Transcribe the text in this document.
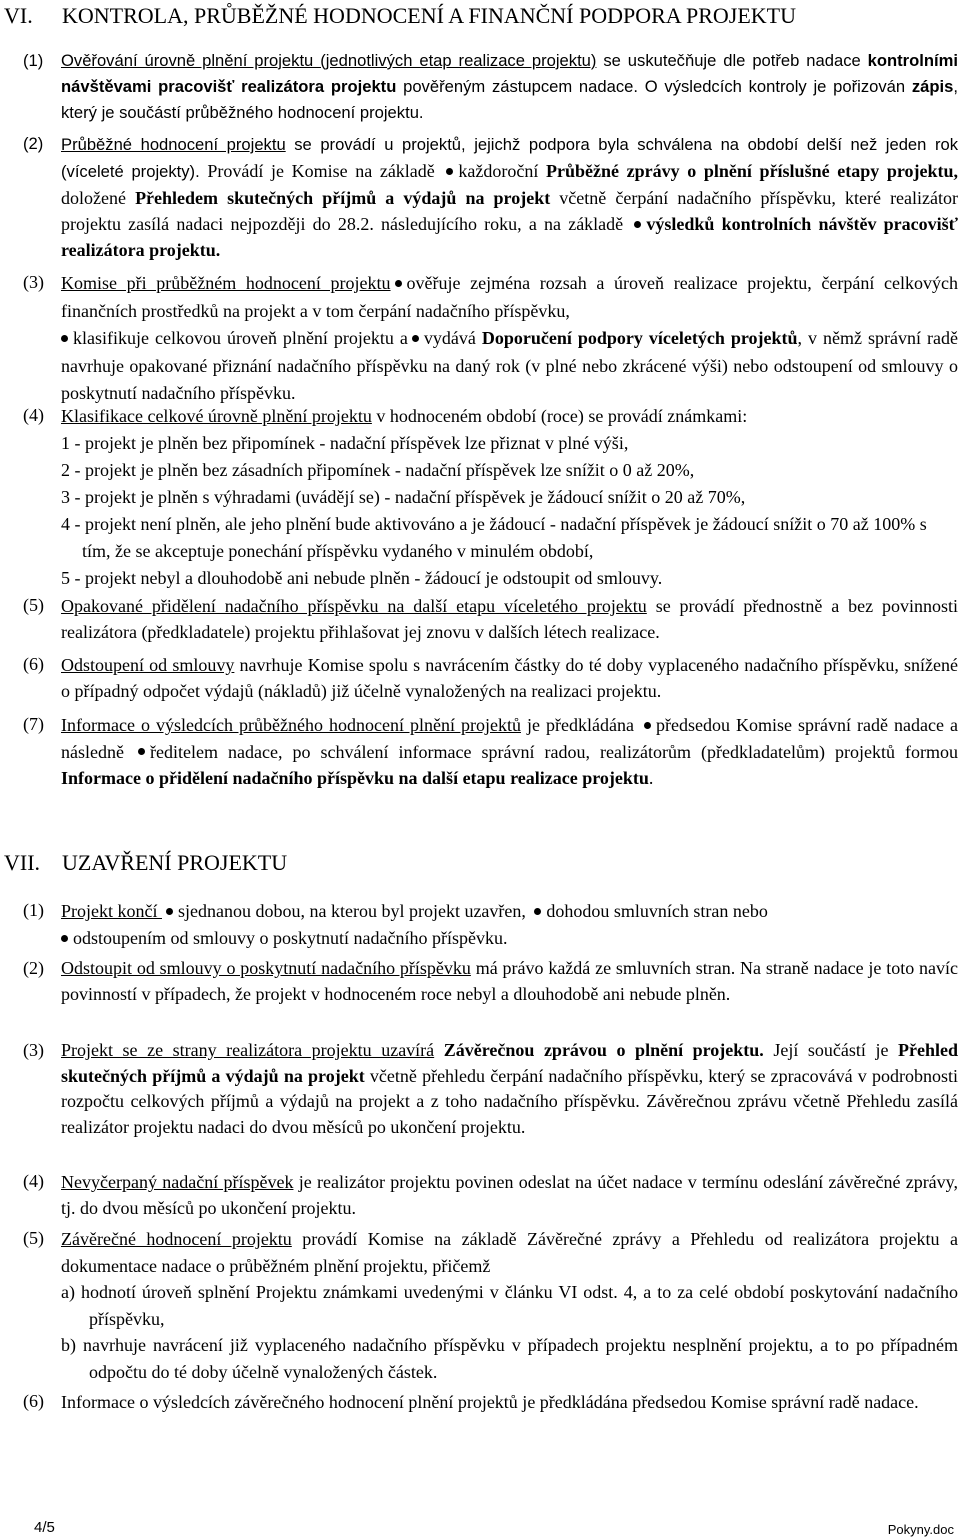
VI. KONTROLA, PRŮBĚŽNÉ HODNOCENÍ A FINANČNÍ PODPORA PROJEKTU
(1) Ověřování úrovně plnění projektu (jednotlivých etap realizace projektu) se uskutečňuje dle potřeb nadace kontrolními návštěvami pracovišť realizátora projektu pověřeným zástupcem nadace. O výsledcích kontroly je pořizován zápis, který je součástí průběžného hodnocení projektu.
(2) Průběžné hodnocení projektu se provádí u projektů, jejichž podpora byla schválena na období delší než jeden rok (víceleté projekty). Provádí je Komise na základě každoroční Průběžné zprávy o plnění příslušné etapy projektu, doložené Přehledem skutečných příjmů a výdajů na projekt včetně čerpání nadačního příspěvku, které realizátor projektu zasílá nadaci nejpozději do 28.2. následujícího roku, a na základě výsledků kontrolních návštěv pracovišť realizátora projektu.
(3) Komise při průběžném hodnocení projektu ověřuje zejména rozsah a úroveň realizace projektu, čerpání celkových finančních prostředků na projekt a v tom čerpání nadačního příspěvku,
klasifikuje celkovou úroveň plnění projektu a vydává Doporučení podpory víceletých projektů, v němž správní radě navrhuje opakované přiznání nadačního příspěvku na daný rok (v plné nebo zkrácené výši) nebo odstoupení od smlouvy o poskytnutí nadačního příspěvku.
(4) Klasifikace celkové úrovně plnění projektu v hodnoceném období (roce) se provádí známkami:
1 - projekt je plněn bez připomínek - nadační příspěvek lze přiznat v plné výši,
2 - projekt je plněn bez zásadních připomínek - nadační příspěvek lze snížit o 0 až 20%,
3 - projekt je plněn s výhradami (uvádějí se) - nadační příspěvek je žádoucí snížit o 20 až 70%,
4 - projekt není plněn, ale jeho plnění bude aktivováno a je žádoucí - nadační příspěvek je žádoucí snížit o 70 až 100% s tím, že se akceptuje ponechání příspěvku vydaného v minulém období,
5 - projekt nebyl a dlouhodobě ani nebude plněn - žádoucí je odstoupit od smlouvy.
(5) Opakované přidělení nadačního příspěvku na další etapu víceletého projektu se provádí přednostně a bez povinnosti realizátora (předkladatele) projektu přihlašovat jej znovu v dalších létech realizace.
(6) Odstoupení od smlouvy navrhuje Komise spolu s navrácením částky do té doby vyplaceného nadačního příspěvku, snížené o případný odpočet výdajů (nákladů) již účelně vynaložených na realizaci projektu.
(7) Informace o výsledcích průběžného hodnocení plnění projektů je předkládána předsedou Komise správní radě nadace a následně ředitelem nadace, po schválení informace správní radou, realizátorům (předkladatelům) projektů formou Informace o přidělení nadačního příspěvku na další etapu realizace projektu.
VII. UZAVŘENÍ PROJEKTU
(1) Projekt končí sjednanou dobou, na kterou byl projekt uzavřen, dohodou smluvních stran nebo
odstoupením od smlouvy o poskytnutí nadačního příspěvku.
(2) Odstoupit od smlouvy o poskytnutí nadačního příspěvku má právo každá ze smluvních stran. Na straně nadace je toto navíc povinností v případech, že projekt v hodnoceném roce nebyl a dlouhodobě ani nebude plněn.
(3) Projekt se ze strany realizátora projektu uzavírá Závěrečnou zprávou o plnění projektu. Její součástí je Přehled skutečných příjmů a výdajů na projekt včetně přehledu čerpání nadačního příspěvku, který se zpracovává v podrobnosti rozpočtu celkových příjmů a výdajů na projekt a z toho nadačního příspěvku. Závěrečnou zprávu včetně Přehledu zasílá realizátor projektu nadaci do dvou měsíců po ukončení projektu.
(4) Nevyčerpaný nadační příspěvek je realizátor projektu povinen odeslat na účet nadace v termínu odeslání závěrečné zprávy, tj. do dvou měsíců po ukončení projektu.
(5) Závěrečné hodnocení projektu provádí Komise na základě Závěrečné zprávy a Přehledu od realizátora projektu a dokumentace nadace o průběžném plnění projektu, přičemž
a) hodnotí úroveň splnění Projektu známkami uvedenými v článku VI odst. 4, a to za celé období poskytování nadačního příspěvku,
b) navrhuje navrácení již vyplaceného nadačního příspěvku v případech projektu nesplnění projektu, a to po případném odpočtu do té doby účelně vynaložených částek.
(6) Informace o výsledcích závěrečného hodnocení plnění projektů je předkládána předsedou Komise správní radě nadace.
4/5	Pokyny.doc
